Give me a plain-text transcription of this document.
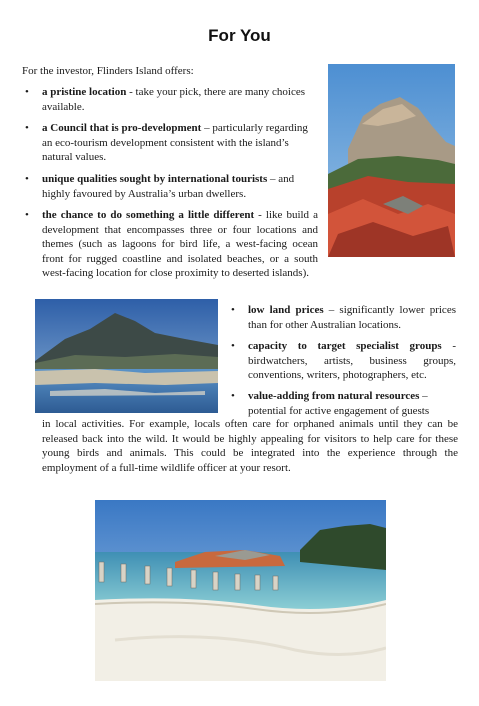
For You
For the investor, Flinders Island offers:
• a pristine location - take your pick, there are many choices available.
• a Council that is pro-development – particularly regarding an eco-tourism development consistent with the island’s natural values.
• unique qualities sought by international tourists – and highly favoured by Australia’s urban dwellers.
• the chance to do something a little different - like build a development that encompasses three or four locations and themes (such as lagoons for bird life, a west-facing ocean front for rugged coastline and isolated beaches, or a south west-facing location for close proximity to deserted islands).
• low land prices – significantly lower prices than for other Australian locations.
• capacity to target specialist groups - birdwatchers, artists, business groups, conventions, writers, photographers, etc.
• value-adding from natural resources – potential for active engagement of guests
in local activities. For example, locals often care for orphaned animals until they can be released back into the wild. It would be highly appealing for visitors to help care for these young birds and animals. This could be integrated into the experience through the employment of a full-time wildlife officer at your resort.
